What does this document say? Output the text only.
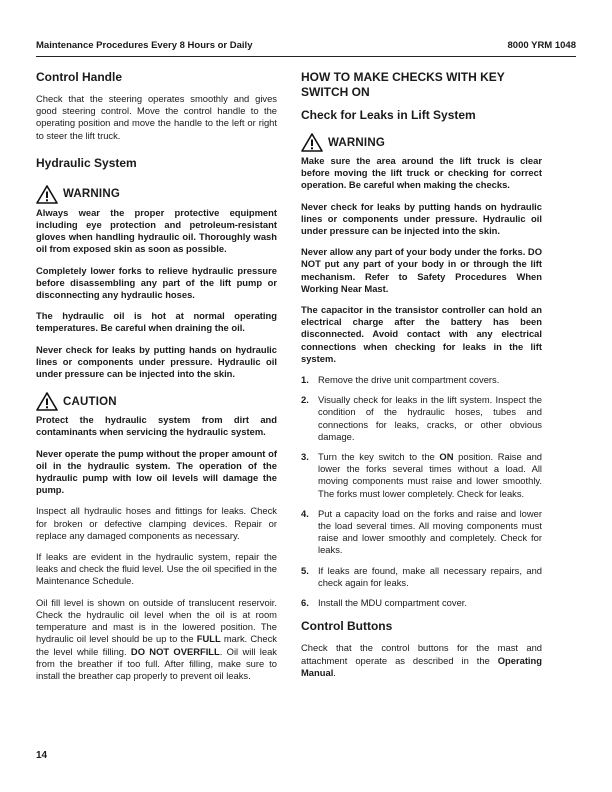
Maintenance Procedures Every 8 Hours or Daily	8000 YRM 1048
Control Handle

Check that the steering operates smoothly and gives good steering control. Move the control handle to the operating position and move the handle to the left or right to steer the lift truck.

Hydraulic System
WARNING

Always wear the proper protective equipment including eye protection and petroleum-resistant gloves when handling hydraulic oil. Thoroughly wash oil from exposed skin as soon as possible.

Completely lower forks to relieve hydraulic pressure before disassembling any part of the lift pump or disconnecting any hydraulic hoses.

The hydraulic oil is hot at normal operating temperatures. Be careful when draining the oil.

Never check for leaks by putting hands on hydraulic lines or components under pressure. Hydraulic oil under pressure can be injected into the skin.

CAUTION

Protect the hydraulic system from dirt and contaminants when servicing the hydraulic system.

Never operate the pump without the proper amount of oil in the hydraulic system. The operation of the hydraulic pump with low oil levels will damage the pump.

Inspect all hydraulic hoses and fittings for leaks. Check for broken or defective clamping devices. Repair or replace any damaged components as necessary.

If leaks are evident in the hydraulic system, repair the leaks and check the fluid level. Use the oil specified in the Maintenance Schedule.

Oil fill level is shown on outside of translucent reservoir. Check the hydraulic oil level when the oil is at room temperature and mast is in the lowered position. The hydraulic oil level should be up to the FULL mark. Check the level while filling. DO NOT OVERFILL. Oil will leak from the breather if too full. After filling, make sure to install the breather cap properly to prevent oil leaks.

HOW TO MAKE CHECKS WITH KEY SWITCH ON
Check for Leaks in Lift System
WARNING

Make sure the area around the lift truck is clear before moving the lift truck or checking for correct operation. Be careful when making the checks.

Never check for leaks by putting hands on hydraulic lines or components under pressure. Hydraulic oil under pressure can be injected into the skin.

Never allow any part of your body under the forks. DO NOT put any part of your body in or through the lift mechanism. Refer to Safety Procedures When Working Near Mast.

The capacitor in the transistor controller can hold an electrical charge after the battery has been disconnected. Avoid contact with any electrical connections when checking for leaks in the lift system.

1. Remove the drive unit compartment covers.
2. Visually check for leaks in the lift system. Inspect the condition of the hydraulic hoses, tubes and connections for leaks, cracks, or other obvious damage.
3. Turn the key switch to the ON position. Raise and lower the forks several times without a load. All moving components must raise and lower smoothly. The forks must lower completely. Check for leaks.
4. Put a capacity load on the forks and raise and lower the load several times. All moving components must raise and lower smoothly and completely. Check for leaks.
5. If leaks are found, make all necessary repairs, and check again for leaks.
6. Install the MDU compartment cover.
Control Buttons

Check that the control buttons for the mast and attachment operate as described in the Operating Manual.

14
